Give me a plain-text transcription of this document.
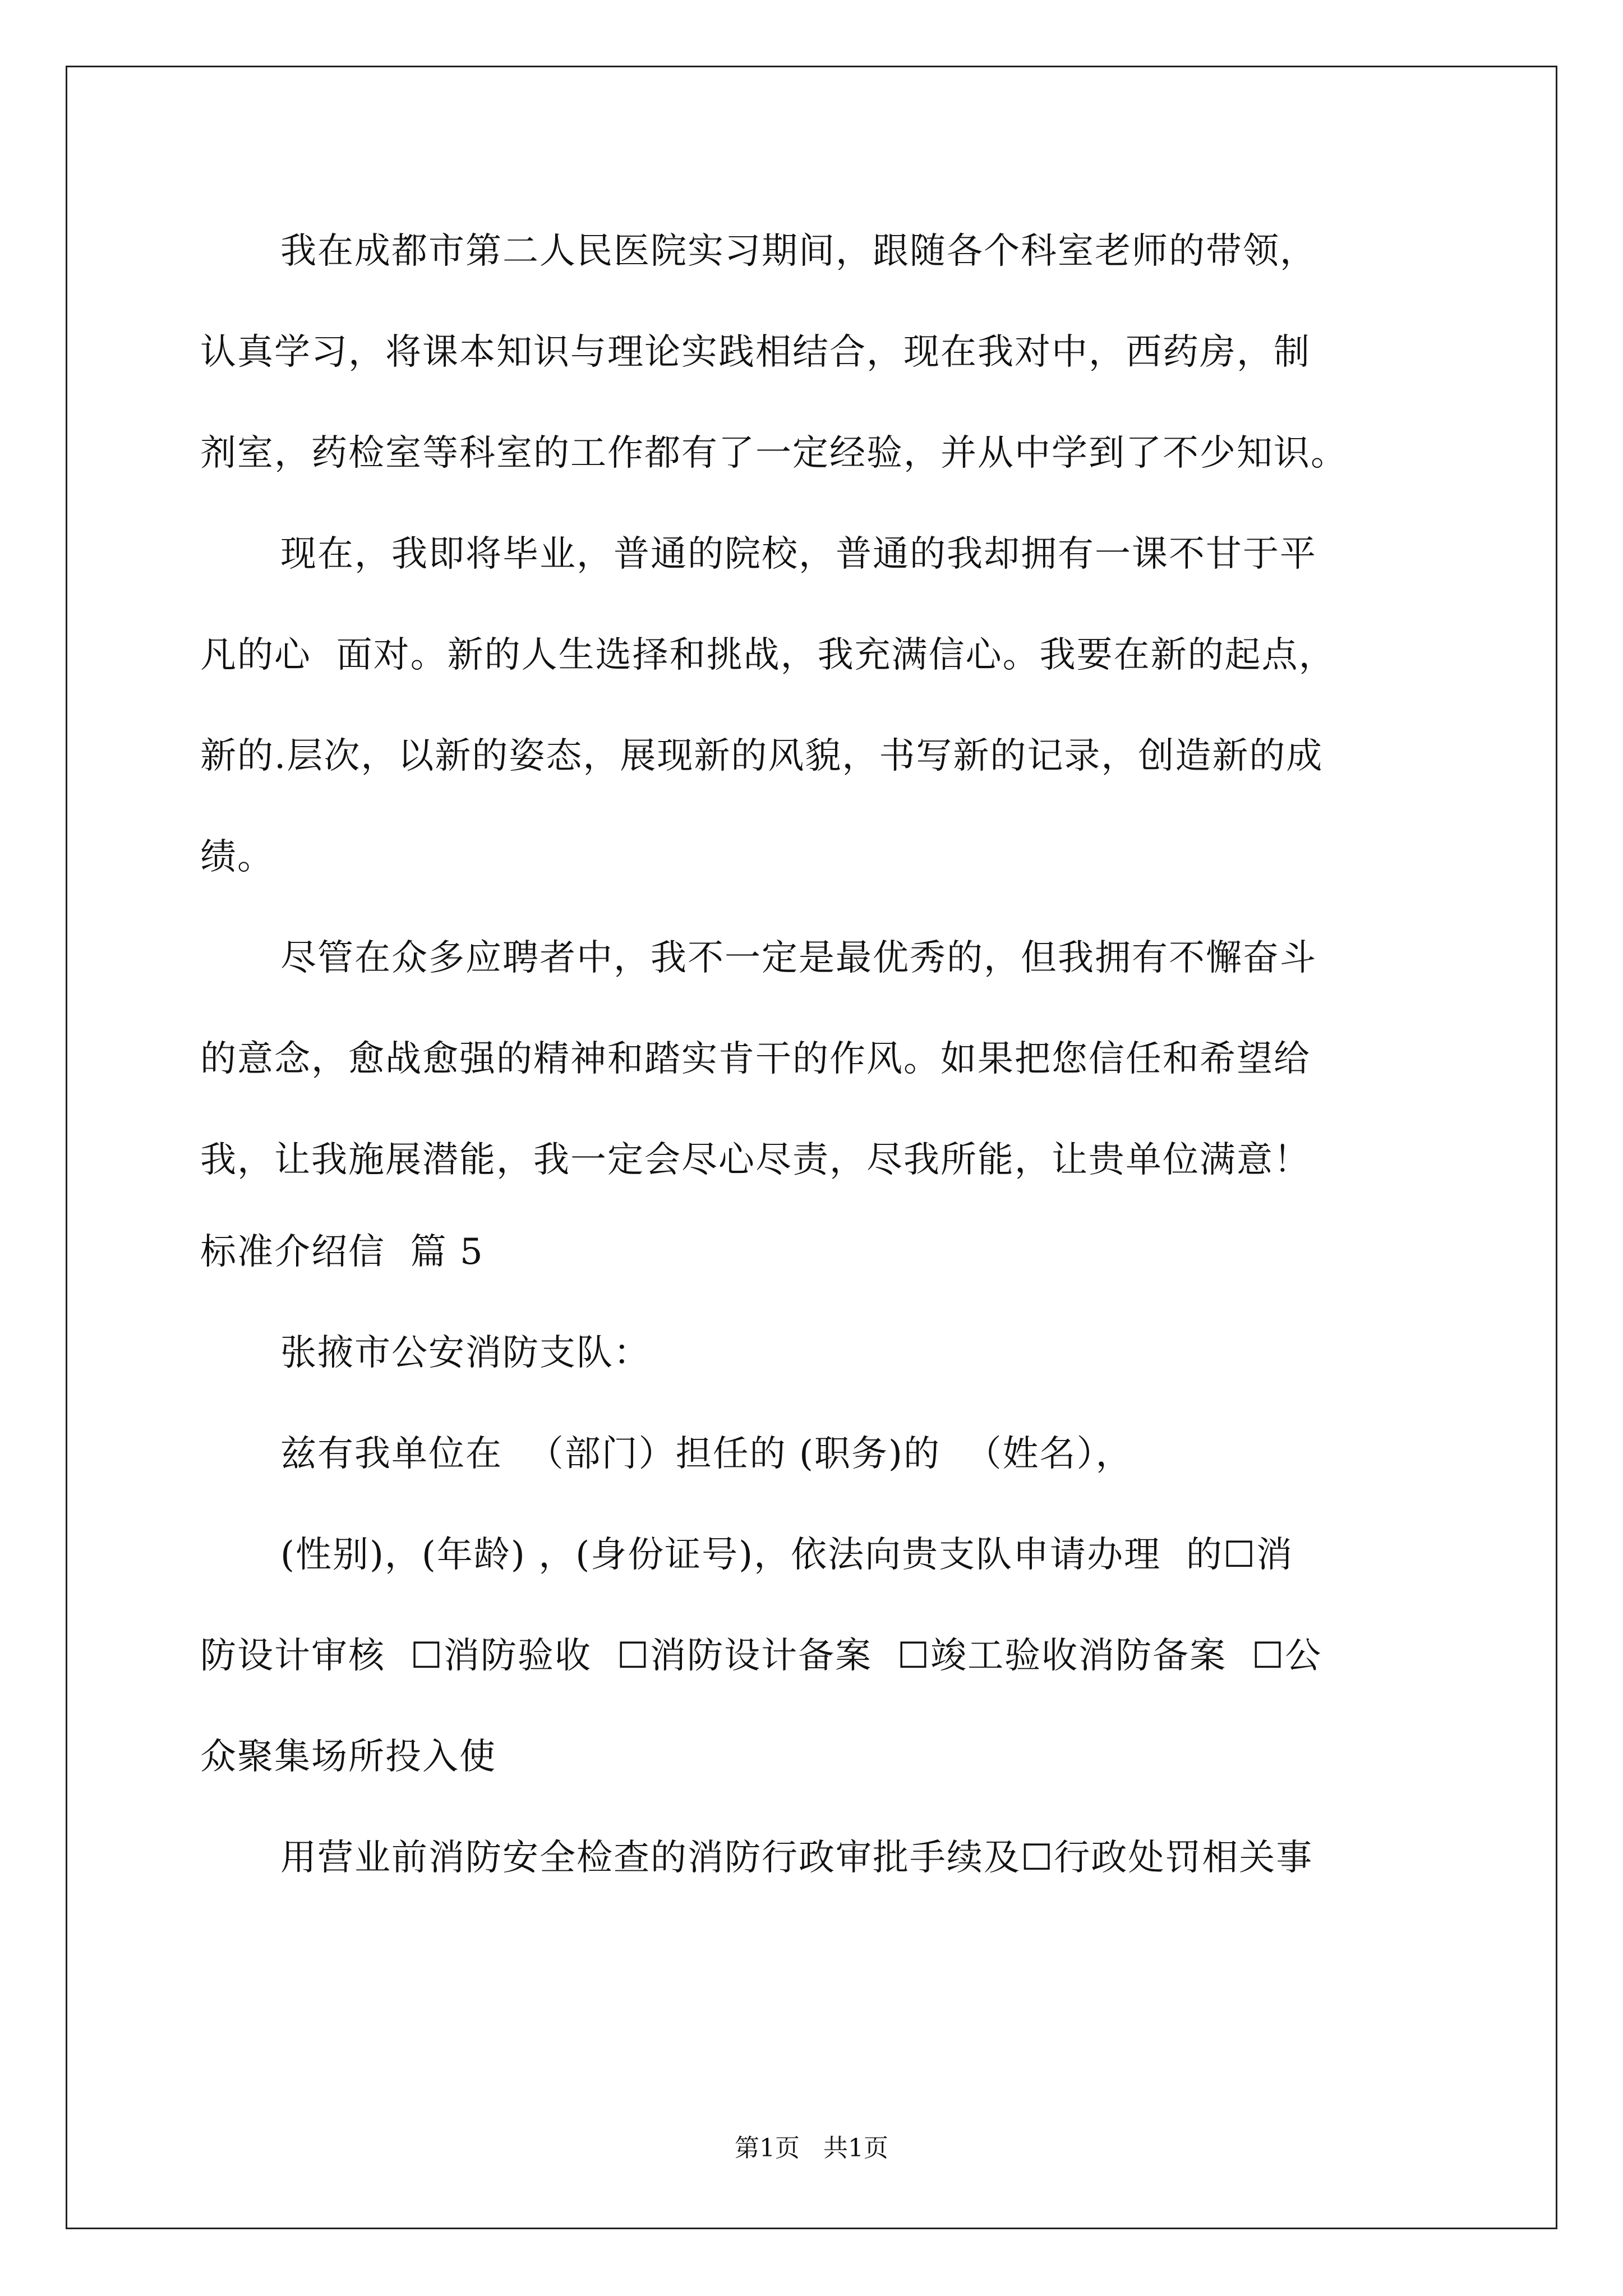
我在成都市第二人民医院实习期间，跟随各个科室老师的带领，
认真学习，将课本知识与理论实践相结合，现在我对中，西药房，制
剂室，药检室等科室的工作都有了一定经验，并从中学到了不少知识。
现在，我即将毕业，普通的院校，普通的我却拥有一课不甘于平
凡的心  面对。新的人生选择和挑战，我充满信心。我要在新的起点，
新的.层次，以新的姿态，展现新的风貌，书写新的记录，创造新的成
绩。
尽管在众多应聘者中，我不一定是最优秀的，但我拥有不懈奋斗
的意念，愈战愈强的精神和踏实肯干的作风。如果把您信任和希望给
我，让我施展潜能，我一定会尽心尽责，尽我所能，让贵单位满意！
标准介绍信  篇 5
张掖市公安消防支队：
兹有我单位在  （部门）担任的 (职务)的  （姓名），
(性别)，(年龄) ，(身份证号)，依法向贵支队申请办理  的☐消
防设计审核  ☐消防验收  ☐消防设计备案  ☐竣工验收消防备案  ☐公
众聚集场所投入使
用营业前消防安全检查的消防行政审批手续及☐行政处罚相关事
第1页   共1页
